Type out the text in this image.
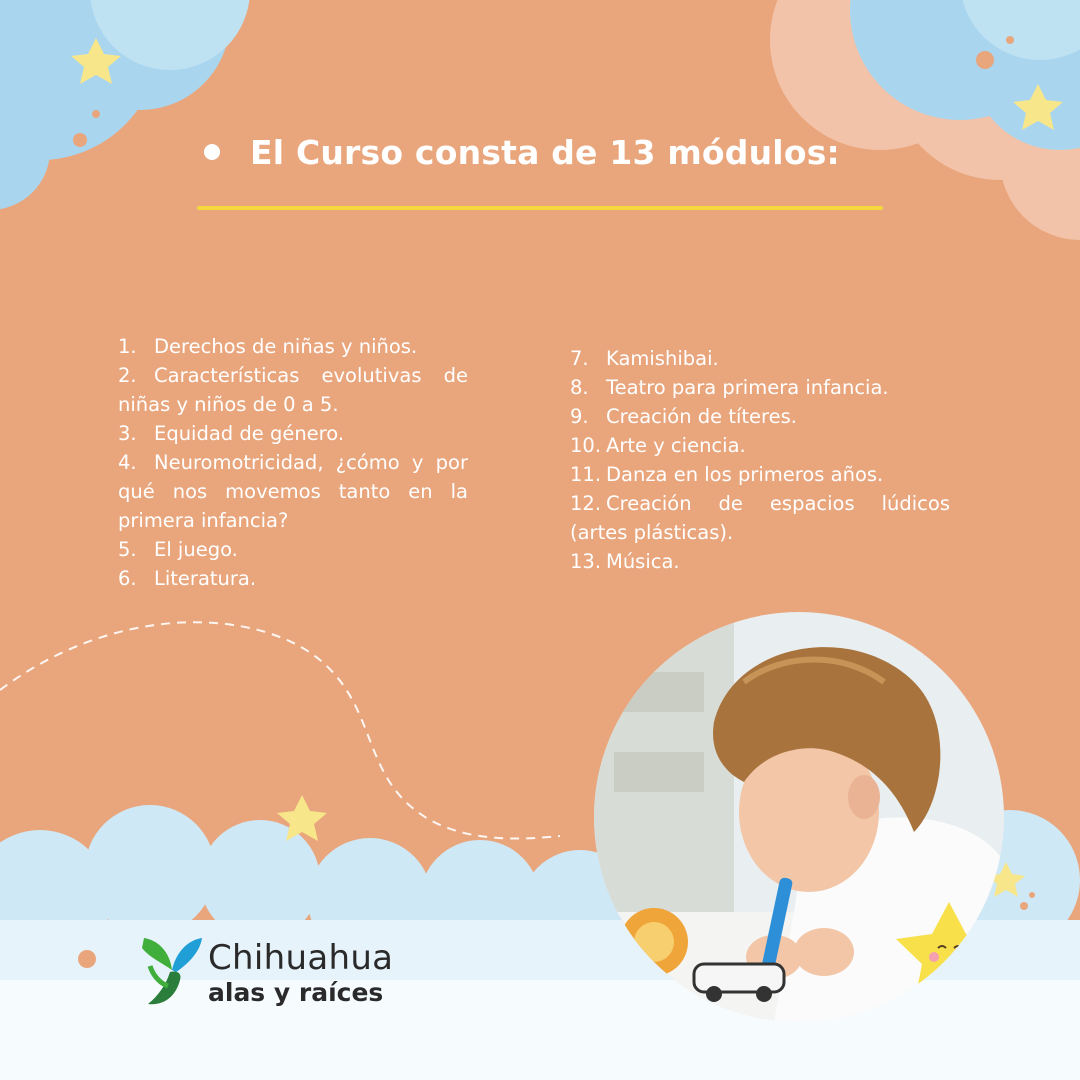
El Curso consta de 13 módulos:
1. Derechos de niñas y niños.
2. Características evolutivas de niñas y niños de 0 a 5.
3. Equidad de género.
4. Neuromotricidad, ¿cómo y por qué nos movemos tanto en la primera infancia?
5. El juego.
6. Literatura.
7. Kamishibai.
8. Teatro para primera infancia.
9. Creación de títeres.
10. Arte y ciencia.
11. Danza en los primeros años.
12. Creación de espacios lúdicos (artes plásticas).
13. Música.
Chihuahua
alas y raíces
